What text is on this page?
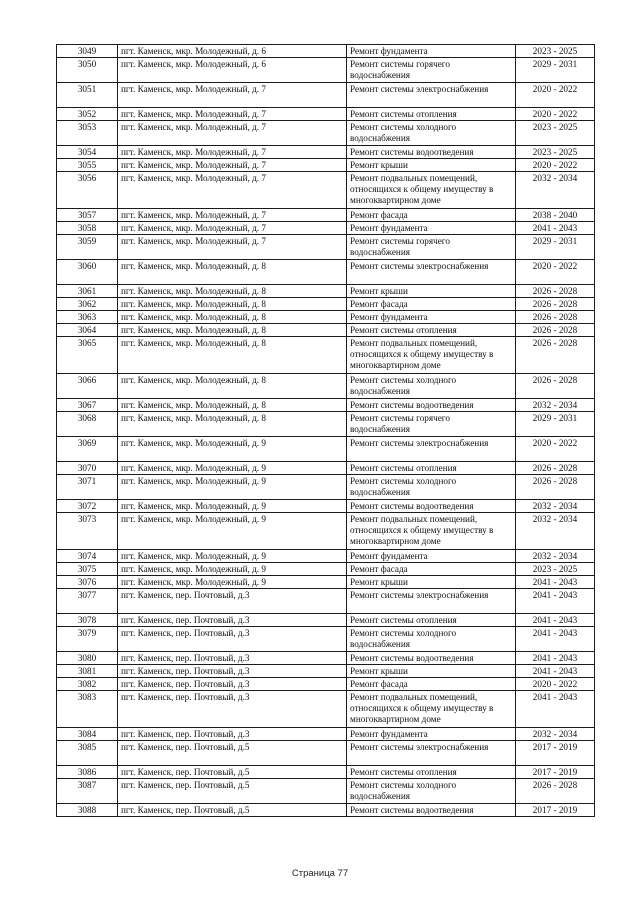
3049	пгт. Каменск, мкр. Молодежный, д. 6	Ремонт фундамента	2023 - 2025
3050	пгт. Каменск, мкр. Молодежный, д. 6	Ремонт системы горячего водоснабжения	2029 - 2031
3051	пгт. Каменск, мкр. Молодежный, д. 7	Ремонт системы электроснабжения	2020 - 2022
3052	пгт. Каменск, мкр. Молодежный, д. 7	Ремонт системы отопления	2020 - 2022
3053	пгт. Каменск, мкр. Молодежный, д. 7	Ремонт системы холодного водоснабжения	2023 - 2025
3054	пгт. Каменск, мкр. Молодежный, д. 7	Ремонт системы водоотведения	2023 - 2025
3055	пгт. Каменск, мкр. Молодежный, д. 7	Ремонт крыши	2020 - 2022
3056	пгт. Каменск, мкр. Молодежный, д. 7	Ремонт подвальных помещений, относящихся к общему имуществу в многоквартирном доме	2032 - 2034
3057	пгт. Каменск, мкр. Молодежный, д. 7	Ремонт фасада	2038 - 2040
3058	пгт. Каменск, мкр. Молодежный, д. 7	Ремонт фундамента	2041 - 2043
3059	пгт. Каменск, мкр. Молодежный, д. 7	Ремонт системы горячего водоснабжения	2029 - 2031
3060	пгт. Каменск, мкр. Молодежный, д. 8	Ремонт системы электроснабжения	2020 - 2022
3061	пгт. Каменск, мкр. Молодежный, д. 8	Ремонт крыши	2026 - 2028
3062	пгт. Каменск, мкр. Молодежный, д. 8	Ремонт фасада	2026 - 2028
3063	пгт. Каменск, мкр. Молодежный, д. 8	Ремонт фундамента	2026 - 2028
3064	пгт. Каменск, мкр. Молодежный, д. 8	Ремонт системы отопления	2026 - 2028
3065	пгт. Каменск, мкр. Молодежный, д. 8	Ремонт подвальных помещений, относящихся к общему имуществу в многоквартирном доме	2026 - 2028
3066	пгт. Каменск, мкр. Молодежный, д. 8	Ремонт системы холодного водоснабжения	2026 - 2028
3067	пгт. Каменск, мкр. Молодежный, д. 8	Ремонт системы водоотведения	2032 - 2034
3068	пгт. Каменск, мкр. Молодежный, д. 8	Ремонт системы горячего водоснабжения	2029 - 2031
3069	пгт. Каменск, мкр. Молодежный, д. 9	Ремонт системы электроснабжения	2020 - 2022
3070	пгт. Каменск, мкр. Молодежный, д. 9	Ремонт системы отопления	2026 - 2028
3071	пгт. Каменск, мкр. Молодежный, д. 9	Ремонт системы холодного водоснабжения	2026 - 2028
3072	пгт. Каменск, мкр. Молодежный, д. 9	Ремонт системы водоотведения	2032 - 2034
3073	пгт. Каменск, мкр. Молодежный, д. 9	Ремонт подвальных помещений, относящихся к общему имуществу в многоквартирном доме	2032 - 2034
3074	пгт. Каменск, мкр. Молодежный, д. 9	Ремонт фундамента	2032 - 2034
3075	пгт. Каменск, мкр. Молодежный, д. 9	Ремонт фасада	2023 - 2025
3076	пгт. Каменск, мкр. Молодежный, д. 9	Ремонт крыши	2041 - 2043
3077	пгт. Каменск, пер. Почтовый, д.3	Ремонт системы электроснабжения	2041 - 2043
3078	пгт. Каменск, пер. Почтовый, д.3	Ремонт системы отопления	2041 - 2043
3079	пгт. Каменск, пер. Почтовый, д.3	Ремонт системы холодного водоснабжения	2041 - 2043
3080	пгт. Каменск, пер. Почтовый, д.3	Ремонт системы водоотведения	2041 - 2043
3081	пгт. Каменск, пер. Почтовый, д.3	Ремонт крыши	2041 - 2043
3082	пгт. Каменск, пер. Почтовый, д.3	Ремонт фасада	2020 - 2022
3083	пгт. Каменск, пер. Почтовый, д.3	Ремонт подвальных помещений, относящихся к общему имуществу в многоквартирном доме	2041 - 2043
3084	пгт. Каменск, пер. Почтовый, д.3	Ремонт фундамента	2032 - 2034
3085	пгт. Каменск, пер. Почтовый, д.5	Ремонт системы электроснабжения	2017 - 2019
3086	пгт. Каменск, пер. Почтовый, д.5	Ремонт системы отопления	2017 - 2019
3087	пгт. Каменск, пер. Почтовый, д.5	Ремонт системы холодного водоснабжения	2026 - 2028
3088	пгт. Каменск, пер. Почтовый, д.5	Ремонт системы водоотведения	2017 - 2019
Страница 77
